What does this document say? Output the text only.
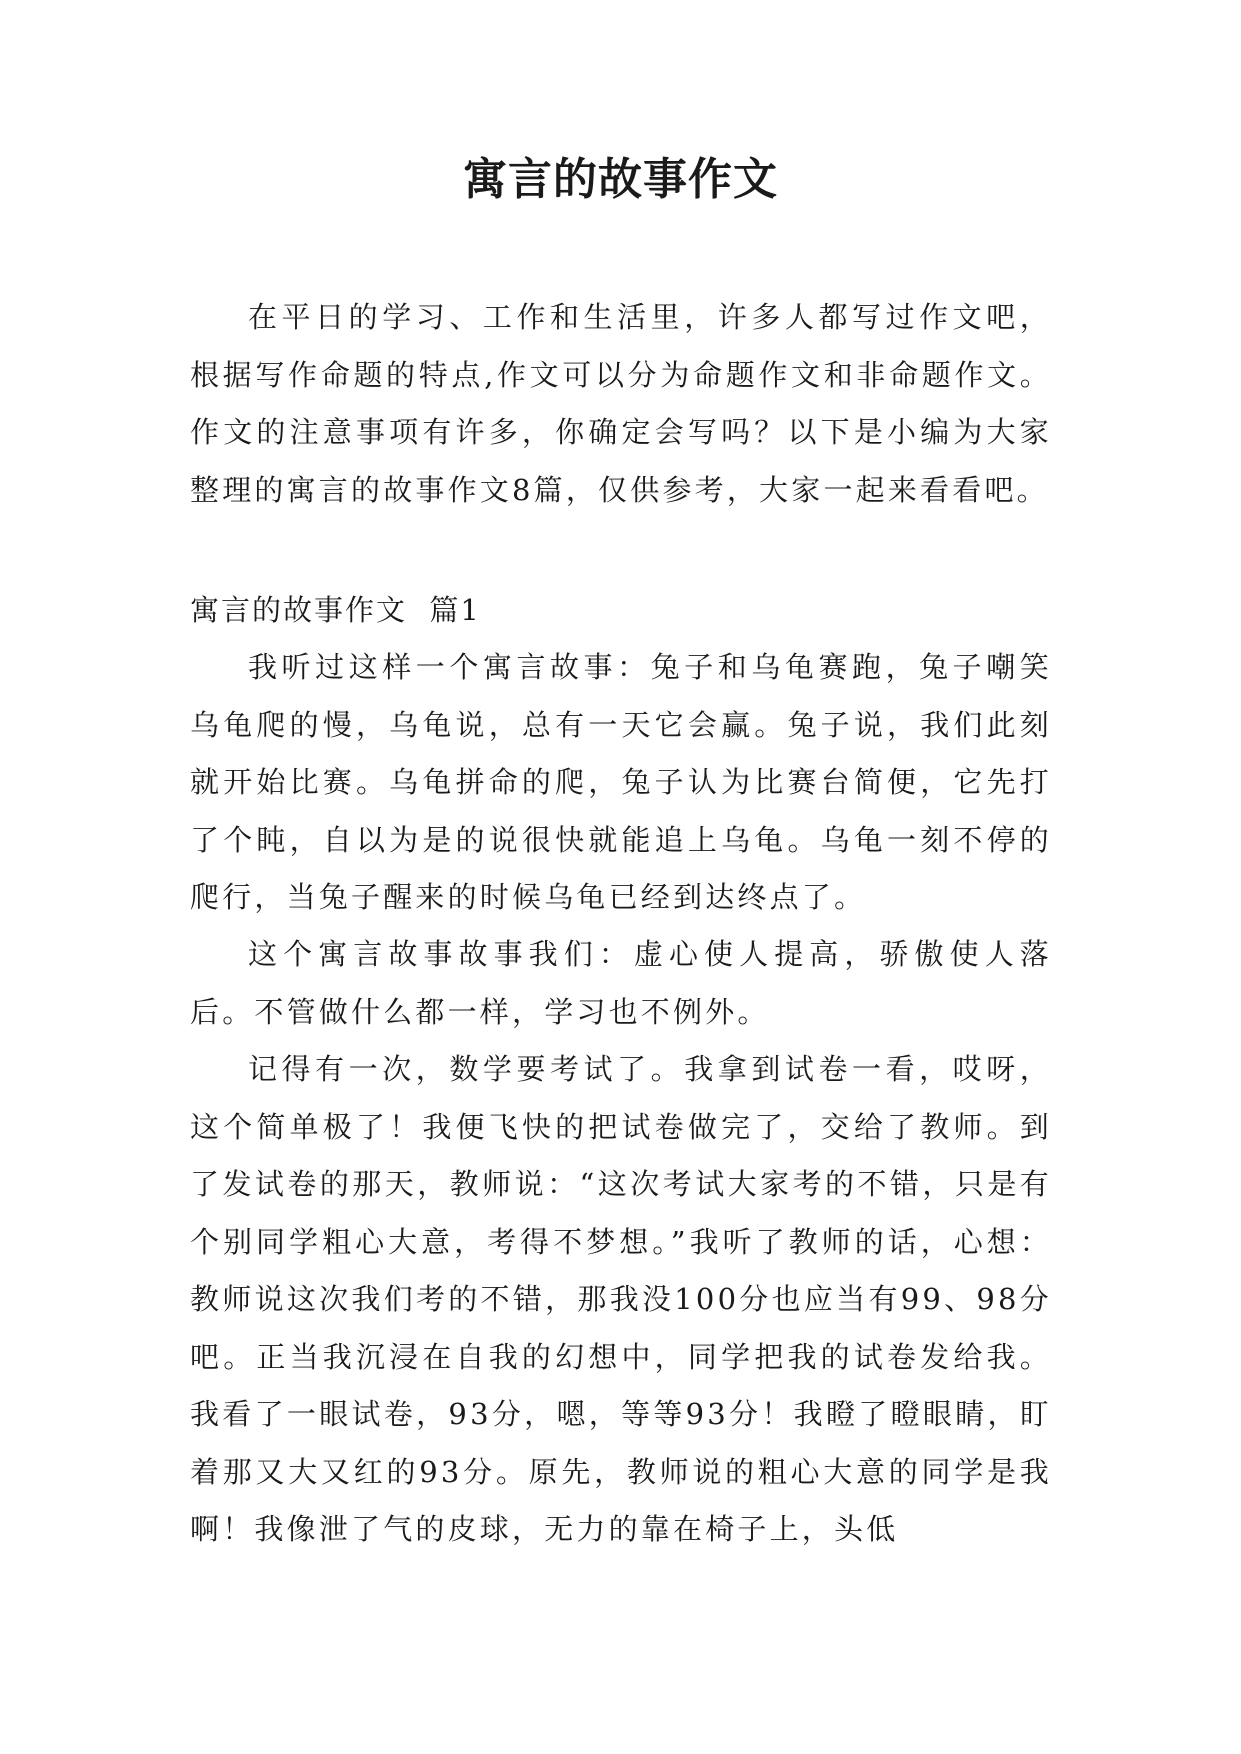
寓言的故事作文

在平日的学习、工作和生活里，许多人都写过作文吧，根据写作命题的特点,作文可以分为命题作文和非命题作文。作文的注意事项有许多，你确定会写吗？以下是小编为大家整理的寓言的故事作文8篇，仅供参考，大家一起来看看吧。

寓言的故事作文  篇1

我听过这样一个寓言故事：兔子和乌龟赛跑，兔子嘲笑乌龟爬的慢，乌龟说，总有一天它会赢。兔子说，我们此刻就开始比赛。乌龟拼命的爬，兔子认为比赛台简便，它先打了个盹，自以为是的说很快就能追上乌龟。乌龟一刻不停的爬行，当兔子醒来的时候乌龟已经到达终点了。

这个寓言故事故事我们：虚心使人提高，骄傲使人落后。不管做什么都一样，学习也不例外。

记得有一次，数学要考试了。我拿到试卷一看，哎呀，这个简单极了！我便飞快的把试卷做完了，交给了教师。到了发试卷的那天，教师说：“这次考试大家考的不错，只是有个别同学粗心大意，考得不梦想。”我听了教师的话，心想：教师说这次我们考的不错，那我没100分也应当有99、98分吧。正当我沉浸在自我的幻想中，同学把我的试卷发给我。我看了一眼试卷，93分，嗯，等等93分！我瞪了瞪眼睛，盯着那又大又红的93分。原先，教师说的粗心大意的同学是我啊！我像泄了气的皮球，无力的靠在椅子上，头低
